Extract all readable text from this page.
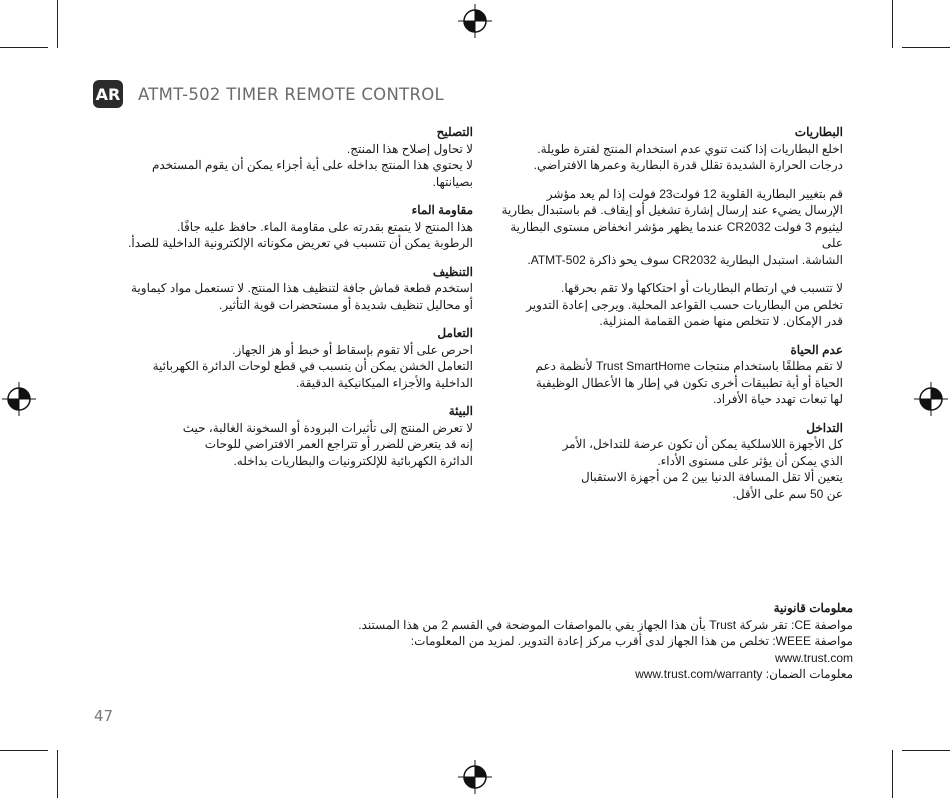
AR ATMT-502 TIMER REMOTE CONTROL
البطاريات

اخلع البطاريات إذا كنت تنوي عدم استخدام المنتج لفترة طويلة.

درجات الحرارة الشديدة تقلل قدرة البطارية وعمرها الافتراضي.

قم بتغيير البطارية القلوية 12 فولت23 فولت إذا لم يعد مؤشر

الإرسال يضيء عند إرسال إشارة تشغيل أو إيقاف. قم باستبدال بطارية

ليثيوم 3 فولت CR2032 عندما يظهر مؤشر انخفاض مستوى البطارية على

الشاشة. استبدل البطارية CR2032 سوف يحو ذاكرة ATMT-502.

لا تتسبب في ارتطام البطاريات أو احتكاكها ولا تقم بحرقها.

تخلص من البطاريات حسب القواعد المحلية. ويرجى إعادة التدوير

قدر الإمكان. لا تتخلص منها ضمن القمامة المنزلية.

عدم الحياة

لا تقم مطلقًا باستخدام منتجات Trust SmartHome لأنظمة دعم

الحياة أو أية تطبيقات أخرى تكون في إطار ها الأعطال الوظيفية

لها تبعات تهدد حياة الأفراد.

التداخل

كل الأجهزة اللاسلكية يمكن أن تكون عرضة للتداخل، الأمر

الذي يمكن أن يؤثر على مستوى الأداء.

يتعين ألا تقل المسافة الدنيا بين 2 من أجهزة الاستقبال

عن 50 سم على الأقل.

التصليح

لا تحاول إصلاح هذا المنتج.

لا يحتوي هذا المنتج بداخله على أية أجزاء يمكن أن يقوم المستخدم بصيانتها.

مقاومة الماء

هذا المنتج لا يتمتع بقدرته على مقاومة الماء. حافظ عليه جافًا.

الرطوبة يمكن أن تتسبب في تعريض مكوناته الإلكترونية الداخلية للصدأ.

التنظيف

استخدم قطعة قماش جافة لتنظيف هذا المنتج. لا تستعمل مواد كيماوية

أو محاليل تنظيف شديدة أو مستحضرات قوية التأثير.

التعامل

احرص على ألا تقوم بإسقاط أو خبط أو هز الجهاز.

التعامل الخشن يمكن أن يتسبب في قطع لوحات الدائرة الكهربائية

الداخلية والأجزاء الميكانيكية الدقيقة.

البيئة

لا تعرض المنتج إلى تأثيرات البرودة أو السخونة الغالبة، حيث

إنه قد يتعرض للضرر أو تتراجع العمر الافتراضي للوحات

الدائرة الكهربائية للإلكترونيات والبطاريات بداخله.

معلومات قانونية

مواصفة CE: تقر شركة Trust بأن هذا الجهاز يفي بالمواصفات الموضحة في القسم 2 من هذا المستند.

مواصفة WEEE: تخلص من هذا الجهاز لدى أقرب مركز إعادة التدوير. لمزيد من المعلومات: www.trust.com

معلومات الضمان: www.trust.com/warranty

47
